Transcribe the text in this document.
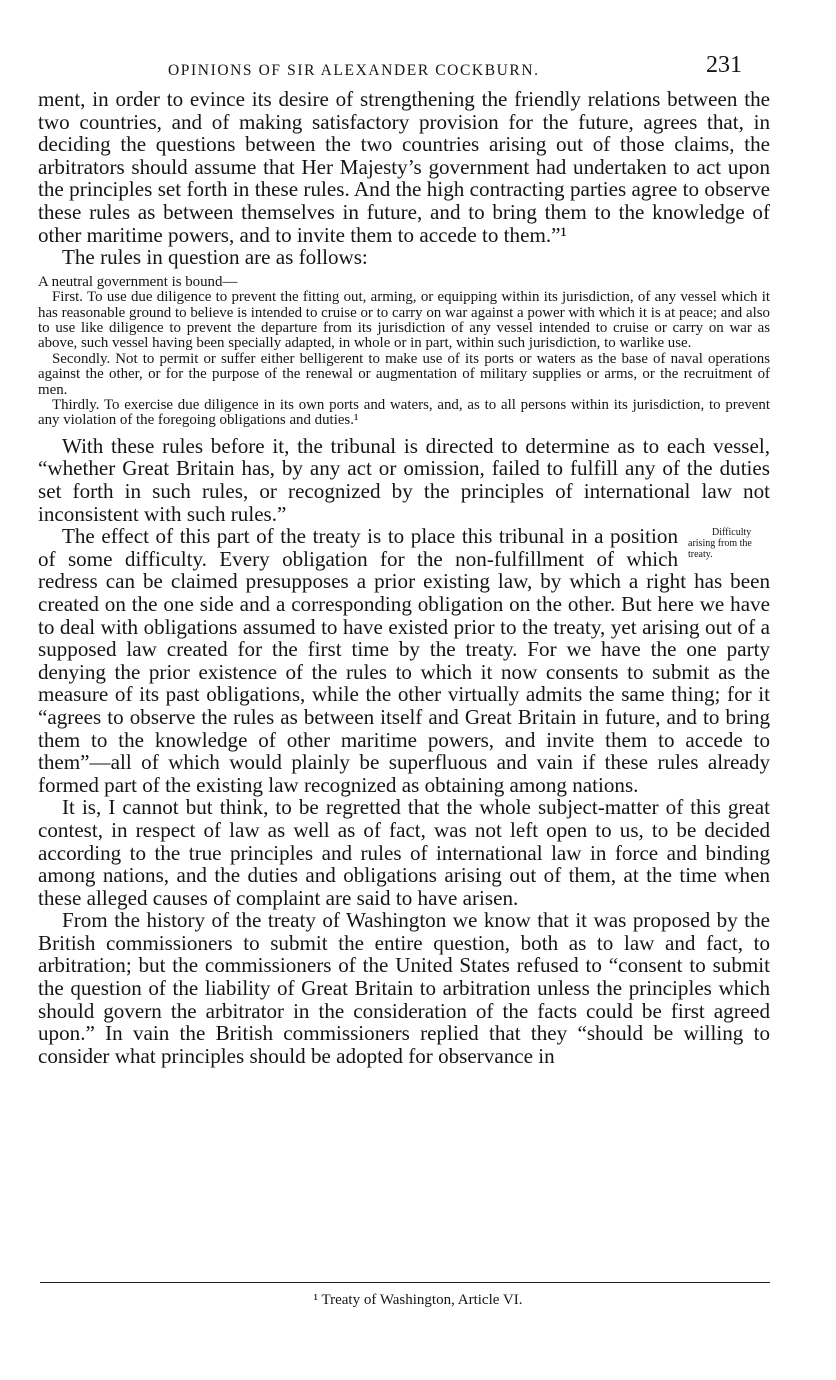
OPINIONS OF SIR ALEXANDER COCKBURN.	231

ment, in order to evince its desire of strengthening the friendly relations between the two countries, and of making satisfactory provision for the future, agrees that, in deciding the questions between the two countries arising out of those claims, the arbitrators should assume that Her Majesty’s government had undertaken to act upon the principles set forth in these rules. And the high contracting parties agree to observe these rules as between themselves in future, and to bring them to the knowledge of other maritime powers, and to invite them to accede to them.”¹

The rules in question are as follows:

A neutral government is bound—

First. To use due diligence to prevent the fitting out, arming, or equipping within its jurisdiction, of any vessel which it has reasonable ground to believe is intended to cruise or to carry on war against a power with which it is at peace; and also to use like diligence to prevent the departure from its jurisdiction of any vessel intended to cruise or carry on war as above, such vessel having been specially adapted, in whole or in part, within such jurisdiction, to warlike use.

Secondly. Not to permit or suffer either belligerent to make use of its ports or waters as the base of naval operations against the other, or for the purpose of the renewal or augmentation of military supplies or arms, or the recruitment of men.

Thirdly. To exercise due diligence in its own ports and waters, and, as to all persons within its jurisdiction, to prevent any violation of the foregoing obligations and duties.¹

With these rules before it, the tribunal is directed to determine as to each vessel, “whether Great Britain has, by any act or omission, failed to fulfill any of the duties set forth in such rules, or recognized by the principles of international law not inconsistent with such rules.”

Difficulty arising from the treaty.
The effect of this part of the treaty is to place this tribunal in a position of some difficulty. Every obligation for the non-fulfillment of which redress can be claimed presupposes a prior existing law, by which a right has been created on the one side and a corresponding obligation on the other. But here we have to deal with obligations assumed to have existed prior to the treaty, yet arising out of a supposed law created for the first time by the treaty. For we have the one party denying the prior existence of the rules to which it now consents to submit as the measure of its past obligations, while the other virtually admits the same thing; for it “agrees to observe the rules as between itself and Great Britain in future, and to bring them to the knowledge of other maritime powers, and invite them to accede to them”—all of which would plainly be superfluous and vain if these rules already formed part of the existing law recognized as obtaining among nations.

It is, I cannot but think, to be regretted that the whole subject-matter of this great contest, in respect of law as well as of fact, was not left open to us, to be decided according to the true principles and rules of international law in force and binding among nations, and the duties and obligations arising out of them, at the time when these alleged causes of complaint are said to have arisen.

From the history of the treaty of Washington we know that it was proposed by the British commissioners to submit the entire question, both as to law and fact, to arbitration; but the commissioners of the United States refused to “consent to submit the question of the liability of Great Britain to arbitration unless the principles which should govern the arbitrator in the consideration of the facts could be first agreed upon.” In vain the British commissioners replied that they “should be willing to consider what principles should be adopted for observance in

¹ Treaty of Washington, Article VI.
